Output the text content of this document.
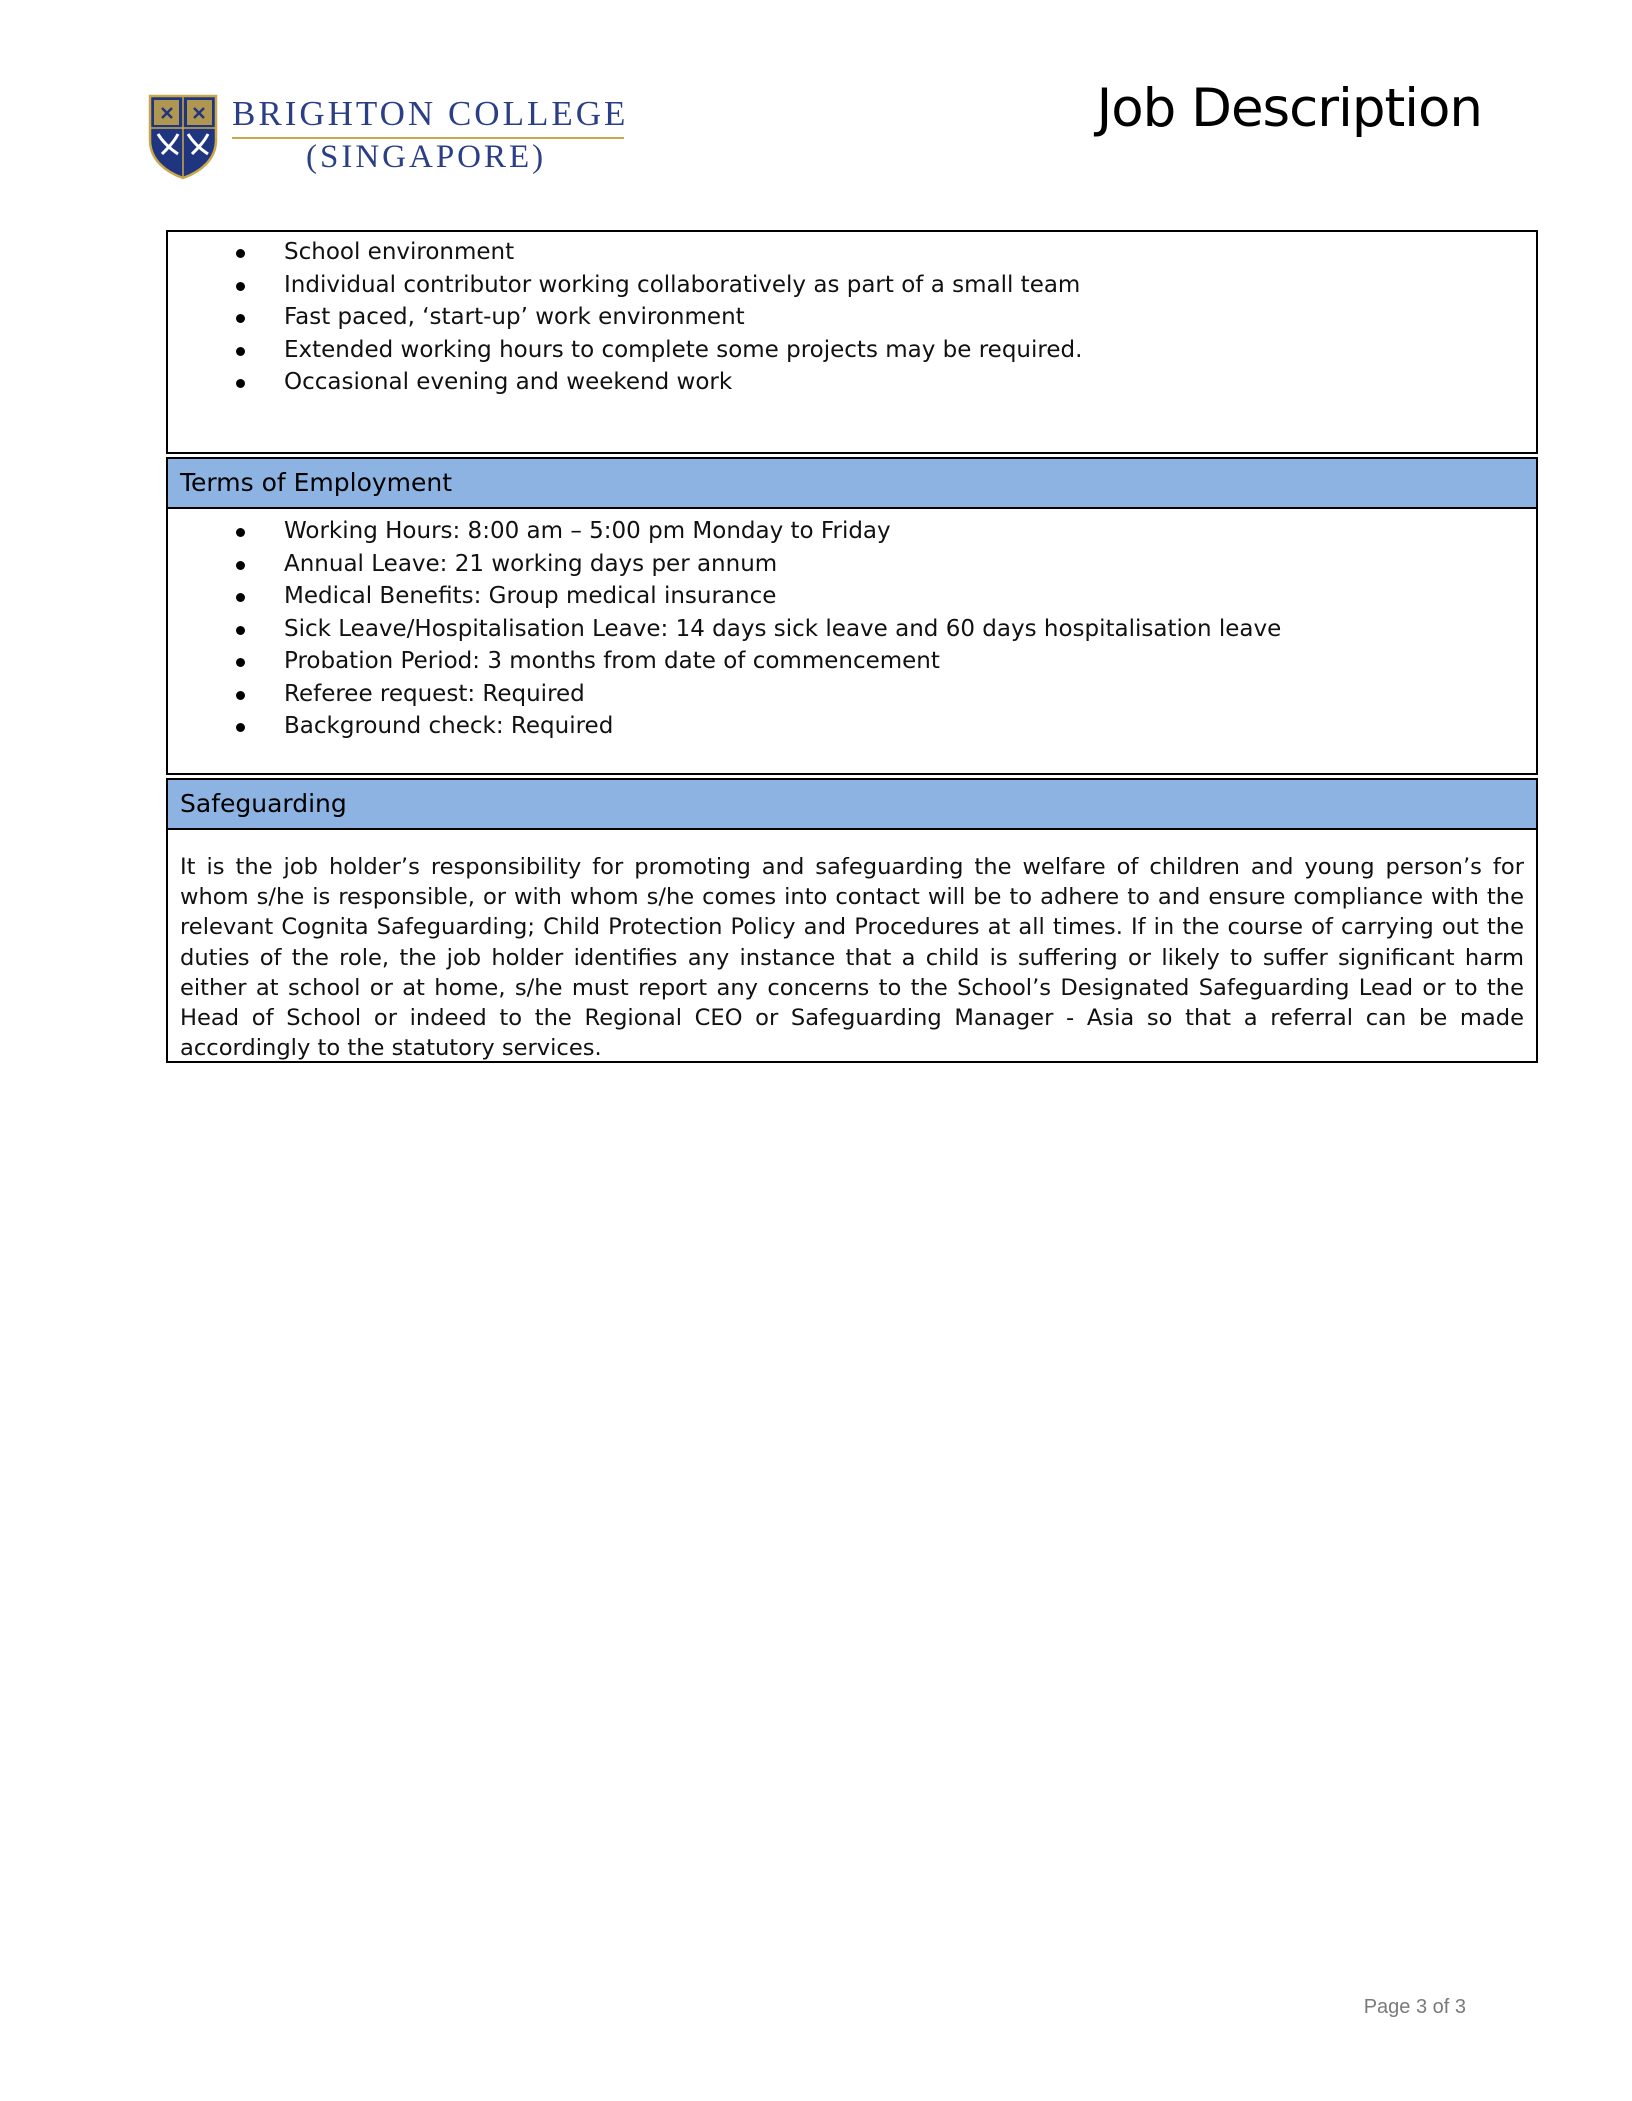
BRIGHTON COLLEGE
(SINGAPORE)
Job Description
School environment
Individual contributor working collaboratively as part of a small team
Fast paced, ‘start-up’ work environment
Extended working hours to complete some projects may be required.
Occasional evening and weekend work
Terms of Employment
Working Hours: 8:00 am – 5:00 pm Monday to Friday
Annual Leave: 21 working days per annum
Medical Benefits: Group medical insurance
Sick Leave/Hospitalisation Leave: 14 days sick leave and 60 days hospitalisation leave
Probation Period: 3 months from date of commencement
Referee request: Required
Background check: Required
Safeguarding
It is the job holder’s responsibility for promoting and safeguarding the welfare of children and young person’s for whom s/he is responsible, or with whom s/he comes into contact will be to adhere to and ensure compliance with the relevant Cognita Safeguarding; Child Protection Policy and Procedures at all times. If in the course of carrying out the duties of the role, the job holder identifies any instance that a child is suffering or likely to suffer significant harm either at school or at home, s/he must report any concerns to the School’s Designated Safeguarding Lead or to the Head of School or indeed to the Regional CEO or Safeguarding Manager - Asia so that a referral can be made accordingly to the statutory services.
Page 3 of 3
